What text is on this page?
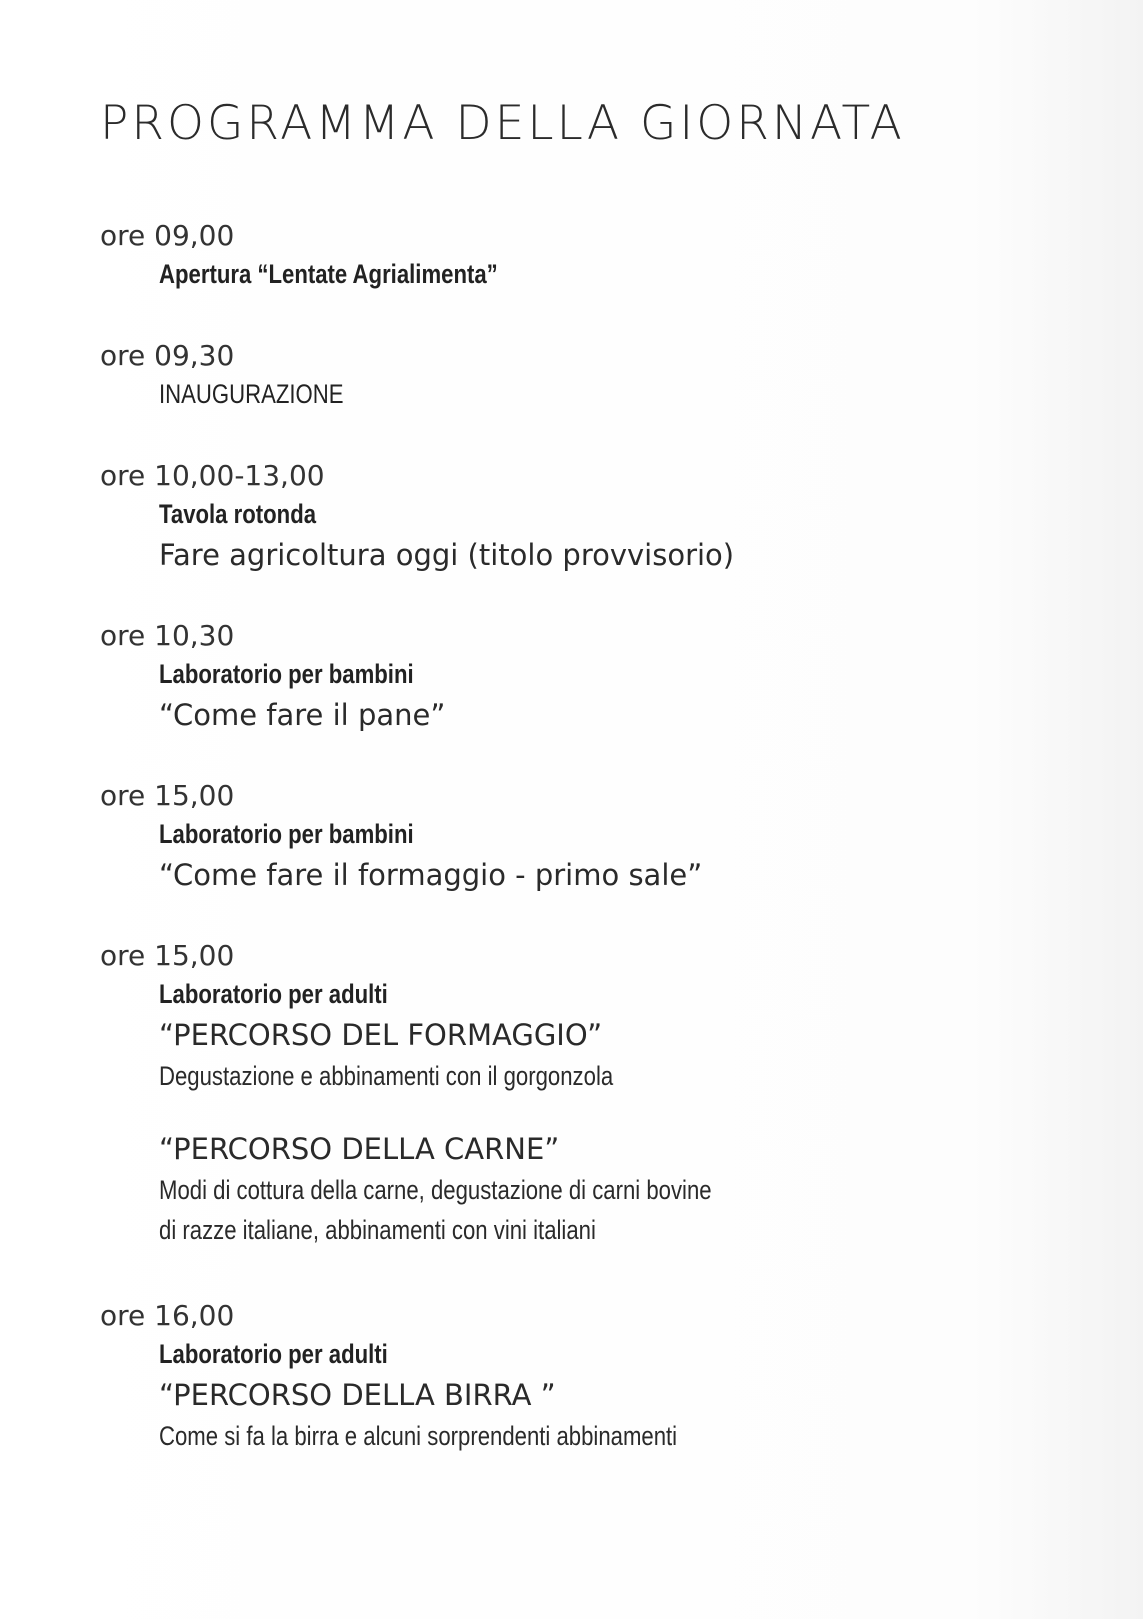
PROGRAMMA DELLA GIORNATA
ore 09,00
Apertura “Lentate Agrialimenta”
ore 09,30
INAUGURAZIONE
ore 10,00-13,00
Tavola rotonda
Fare agricoltura oggi (titolo provvisorio)
ore 10,30
Laboratorio per bambini
“Come fare il pane”
ore 15,00
Laboratorio per bambini
“Come fare il formaggio - primo sale”
ore 15,00
Laboratorio per adulti
“PERCORSO DEL FORMAGGIO”
Degustazione e abbinamenti con il gorgonzola
“PERCORSO DELLA CARNE”
Modi di cottura della carne, degustazione di carni bovine
di razze italiane, abbinamenti con vini italiani
ore 16,00
Laboratorio per adulti
“PERCORSO DELLA BIRRA ”
Come si fa la birra e alcuni sorprendenti abbinamenti
